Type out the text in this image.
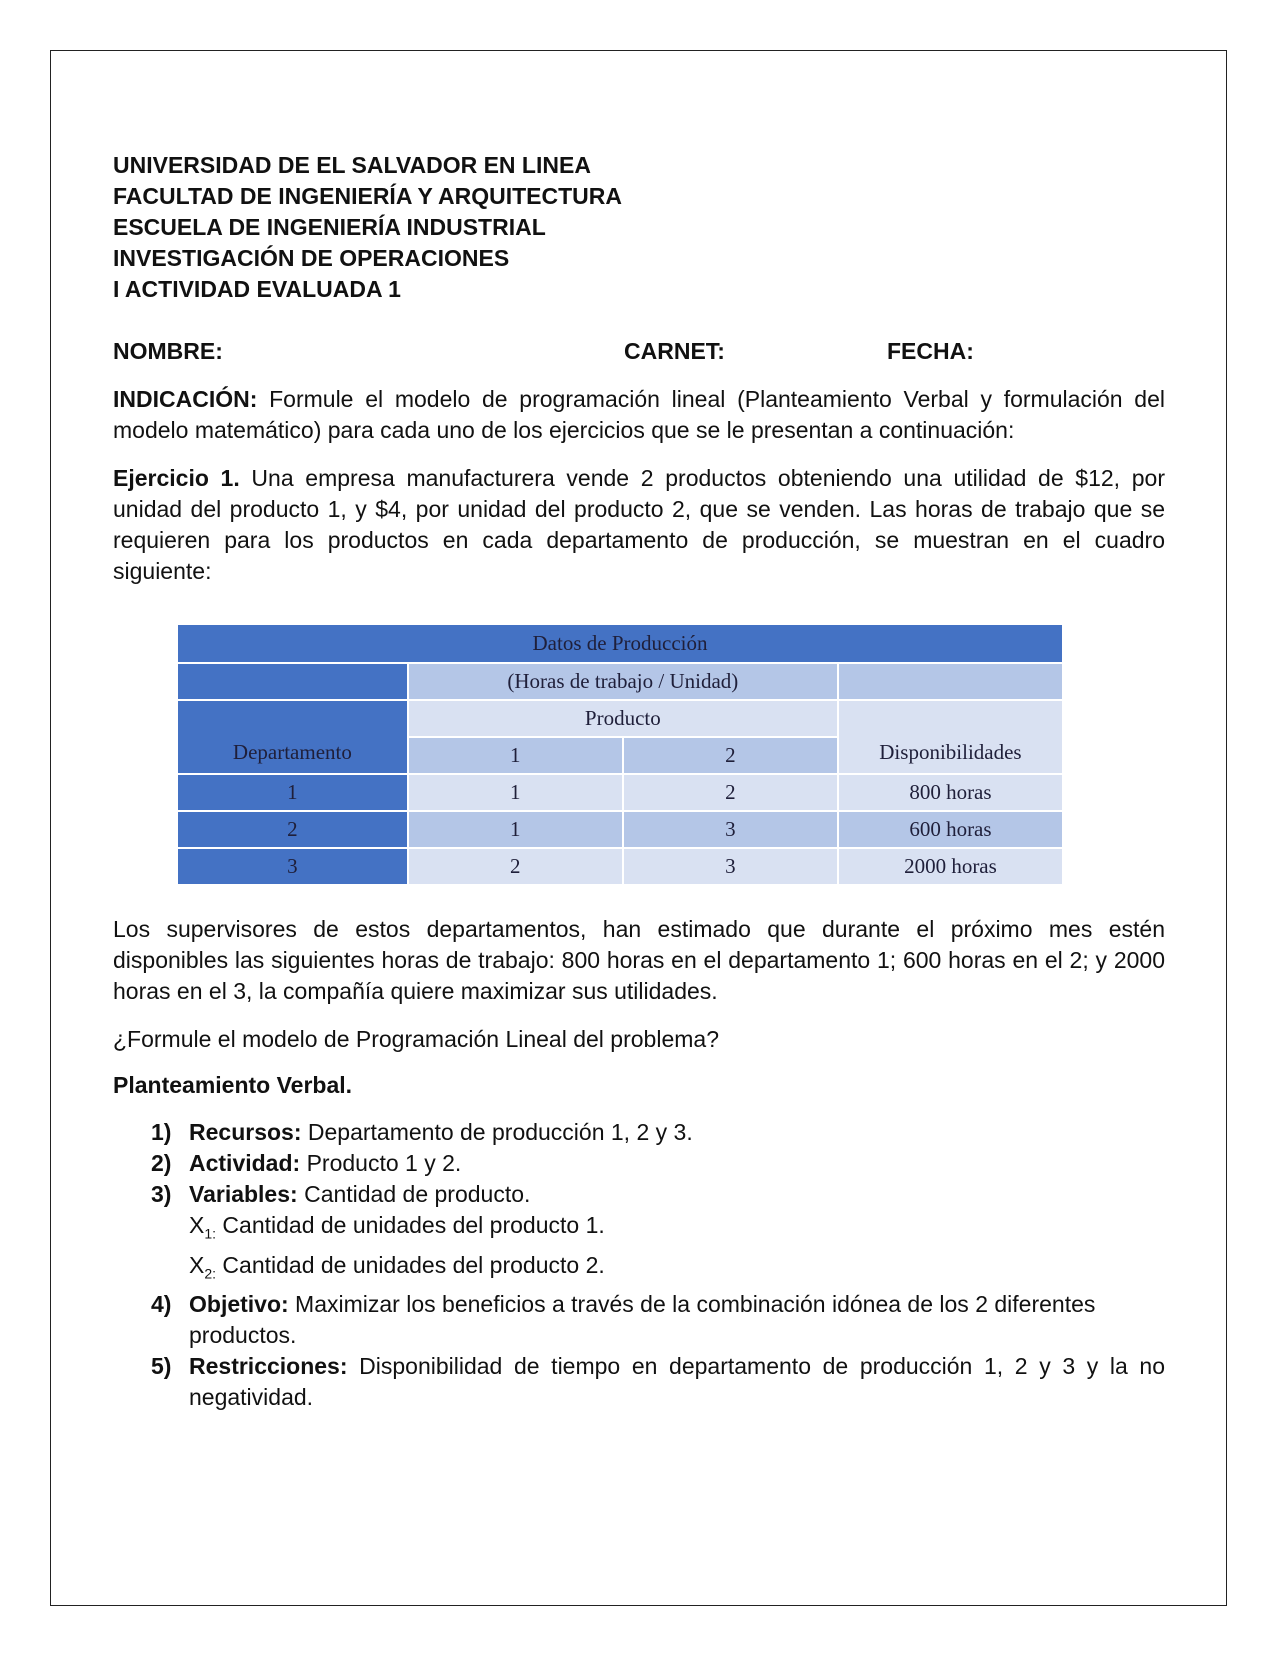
UNIVERSIDAD DE EL SALVADOR EN LINEA
FACULTAD DE INGENIERÍA Y ARQUITECTURA
ESCUELA DE INGENIERÍA INDUSTRIAL
INVESTIGACIÓN DE OPERACIONES
I ACTIVIDAD EVALUADA 1
NOMBRE:	CARNET:	FECHA:

INDICACIÓN: Formule el modelo de programación lineal (Planteamiento Verbal y formulación del modelo matemático) para cada uno de los ejercicios que se le presentan a continuación:

Ejercicio 1. Una empresa manufacturera vende 2 productos obteniendo una utilidad de $12, por unidad del producto 1, y $4, por unidad del producto 2, que se venden. Las horas de trabajo que se requieren para los productos en cada departamento de producción, se muestran en el cuadro siguiente:

Los supervisores de estos departamentos, han estimado que durante el próximo mes estén disponibles las siguientes horas de trabajo: 800 horas en el departamento 1; 600 horas en el 2; y 2000 horas en el 3, la compañía quiere maximizar sus utilidades.

¿Formule el modelo de Programación Lineal del problema?

Planteamiento Verbal.
1) Recursos: Departamento de producción 1, 2 y 3.
2) Actividad: Producto 1 y 2.
3) Variables: Cantidad de producto.
$X_{1:}$ Cantidad de unidades del producto 1.
$X_{2:}$ Cantidad de unidades del producto 2.
4) Objetivo: Maximizar los beneficios a través de la combinación idónea de los 2 diferentes
productos.
5) Restricciones: Disponibilidad de tiempo en departamento de producción 1, 2 y 3 y la no negatividad.
Datos de Producción			
	(Horas de trabajo / Unidad)		
Departamento	Producto		Disponibilidades
	1	2	
1	1	2	800 horas
2	1	3	600 horas
3	2	3	2000 horas
